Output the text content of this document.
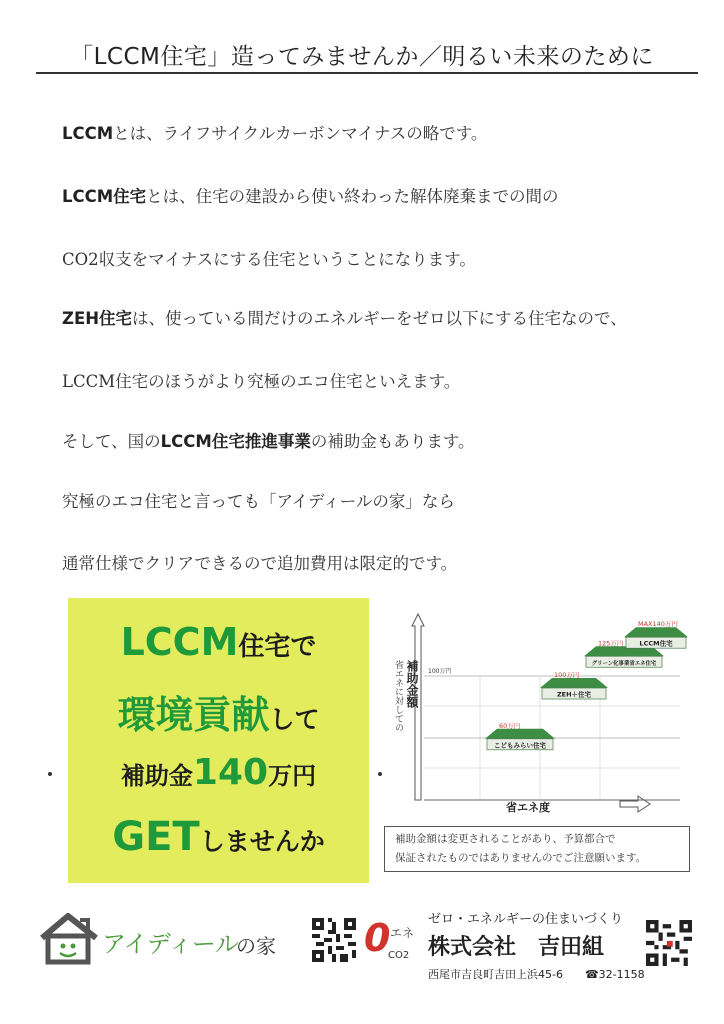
「LCCM住宅」造ってみませんか／明るい未来のために
LCCMとは、ライフサイクルカーボンマイナスの略です。
LCCM住宅とは、住宅の建設から使い終わった解体廃棄までの間の
CO2収支をマイナスにする住宅ということになります。
ZEH住宅は、使っている間だけのエネルギーをゼロ以下にする住宅なので、
LCCM住宅のほうがより究極のエコ住宅といえます。
そして、国のLCCM住宅推進事業の補助金もあります。
究極のエコ住宅と言っても「アイディールの家」なら
通常仕様でクリアできるので追加費用は限定的です。
LCCM住宅で
環境貢献して
補助金140万円
GETしませんか
100万円
省エネに対しての 補助金額
省エネ度
こどもみらい住宅
60万円
ZEH＋住宅
100万円
グリーン化事業省エネ住宅
125万円 LCCM住宅
MAX140万円
補助金額は変更されることがあり、予算都合で
保証されたものではありませんのでご注意願います。
アイディール
の家 0 エネ
CO2
ゼロ・エネルギーの住まいづくり
株式会社　吉田組
西尾市吉良町吉田上浜45-6　　 ☎32-1158
